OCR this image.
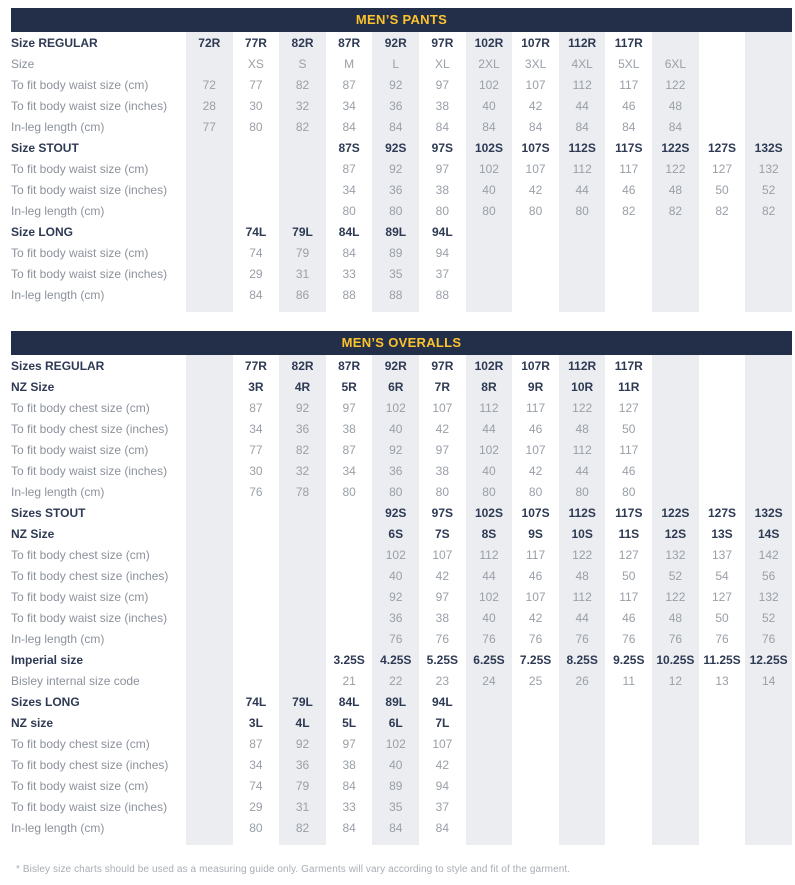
MEN’S PANTS
Size REGULAR	72R	77R	82R	87R	92R	97R	102R	107R	112R	117R			
Size		XS	S	M	L	XL	2XL	3XL	4XL	5XL	6XL		
To fit body waist size (cm)	72	77	82	87	92	97	102	107	112	117	122		
To fit body waist size (inches)	28	30	32	34	36	38	40	42	44	46	48		
In-leg length (cm)	77	80	82	84	84	84	84	84	84	84	84		
Size STOUT				87S	92S	97S	102S	107S	112S	117S	122S	127S	132S
To fit body waist size (cm)				87	92	97	102	107	112	117	122	127	132
To fit body waist size (inches)				34	36	38	40	42	44	46	48	50	52
In-leg length (cm)				80	80	80	80	80	80	82	82	82	82
Size LONG		74L	79L	84L	89L	94L							
To fit body waist size (cm)		74	79	84	89	94							
To fit body waist size (inches)		29	31	33	35	37							
In-leg length (cm)		84	86	88	88	88							

MEN’S OVERALLS
Sizes REGULAR		77R	82R	87R	92R	97R	102R	107R	112R	117R			
NZ Size		3R	4R	5R	6R	7R	8R	9R	10R	11R			
To fit body chest size (cm)		87	92	97	102	107	112	117	122	127			
To fit body chest size (inches)		34	36	38	40	42	44	46	48	50			
To fit body waist size (cm)		77	82	87	92	97	102	107	112	117			
To fit body waist size (inches)		30	32	34	36	38	40	42	44	46			
In-leg length (cm)		76	78	80	80	80	80	80	80	80			
Sizes STOUT					92S	97S	102S	107S	112S	117S	122S	127S	132S
NZ Size					6S	7S	8S	9S	10S	11S	12S	13S	14S
To fit body chest size (cm)					102	107	112	117	122	127	132	137	142
To fit body chest size (inches)					40	42	44	46	48	50	52	54	56
To fit body waist size (cm)					92	97	102	107	112	117	122	127	132
To fit body waist size (inches)					36	38	40	42	44	46	48	50	52
In-leg length (cm)					76	76	76	76	76	76	76	76	76
Imperial size				3.25S	4.25S	5.25S	6.25S	7.25S	8.25S	9.25S	10.25S	11.25S	12.25S
Bisley internal size code				21	22	23	24	25	26	11	12	13	14
Sizes LONG		74L	79L	84L	89L	94L							
NZ size		3L	4L	5L	6L	7L							
To fit body chest size (cm)		87	92	97	102	107							
To fit body chest size (inches)		34	36	38	40	42							
To fit body waist size (cm)		74	79	84	89	94							
To fit body waist size (inches)		29	31	33	35	37							
In-leg length (cm)		80	82	84	84	84							

* Bisley size charts should be used as a measuring guide only. Garments will vary according to style and fit of the garment.
